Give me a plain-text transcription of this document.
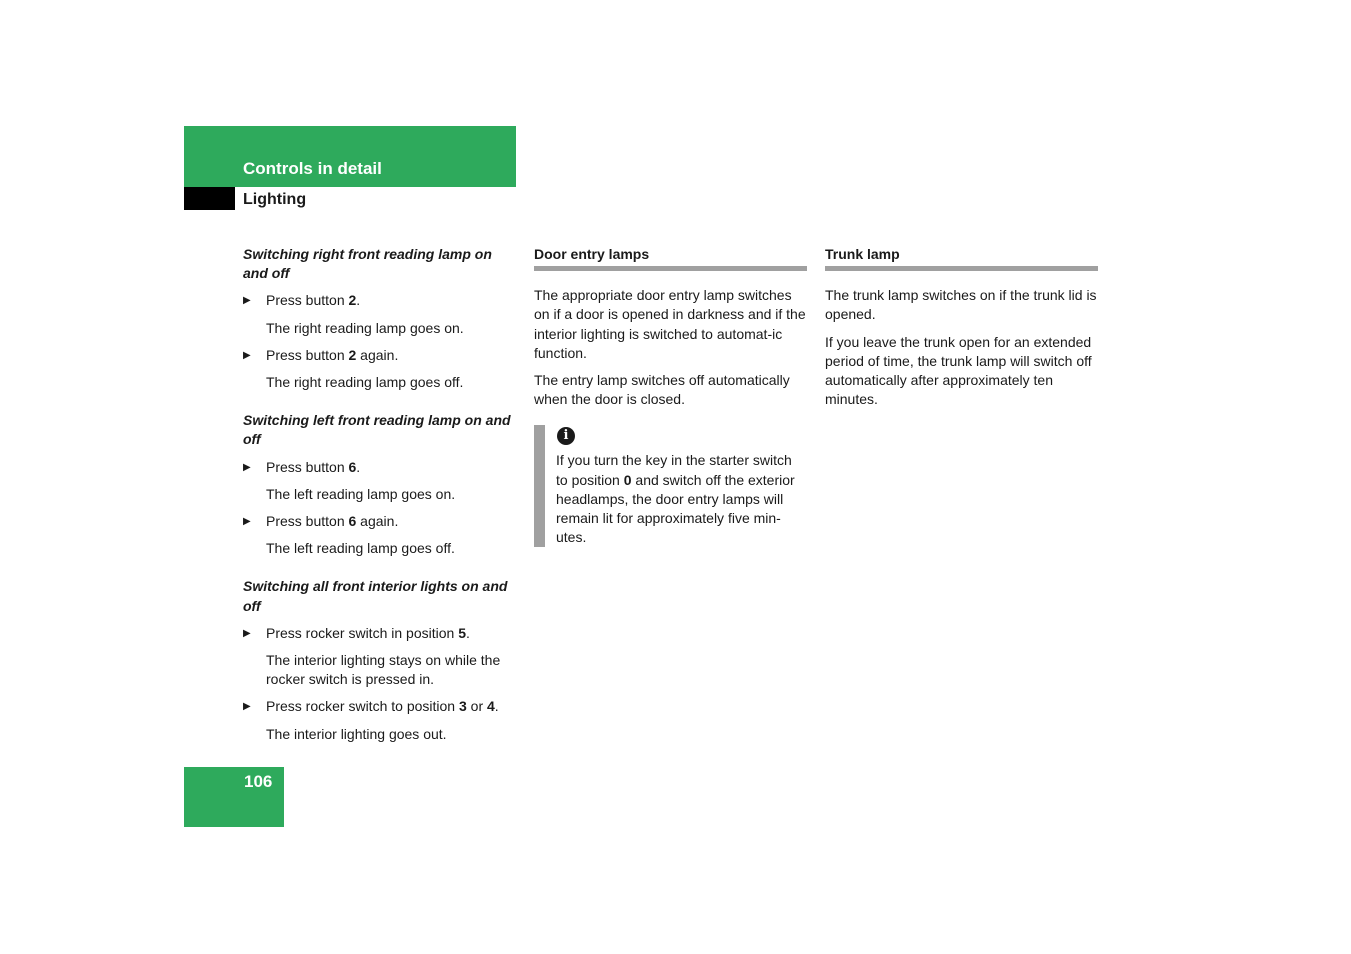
Controls in detail
Lighting
Switching right front reading lamp on and off
▶ Press button 2.
The right reading lamp goes on.
▶ Press button 2 again.
The right reading lamp goes off.
Switching left front reading lamp on and off
▶ Press button 6.
The left reading lamp goes on.
▶ Press button 6 again.
The left reading lamp goes off.
Switching all front interior lights on and off
▶ Press rocker switch in position 5.
The interior lighting stays on while the rocker switch is pressed in.
▶ Press rocker switch to position 3 or 4.
The interior lighting goes out.
Door entry lamps

The appropriate door entry lamp switches on if a door is opened in darkness and if the interior lighting is switched to automat-ic function.

The entry lamp switches off automatically when the door is closed.

i
If you turn the key in the starter switch to position 0 and switch off the exterior headlamps, the door entry lamps will remain lit for approximately five min-utes.
Trunk lamp

The trunk lamp switches on if the trunk lid is opened.

If you leave the trunk open for an extended period of time, the trunk lamp will switch off automatically after approximately ten minutes.

106
